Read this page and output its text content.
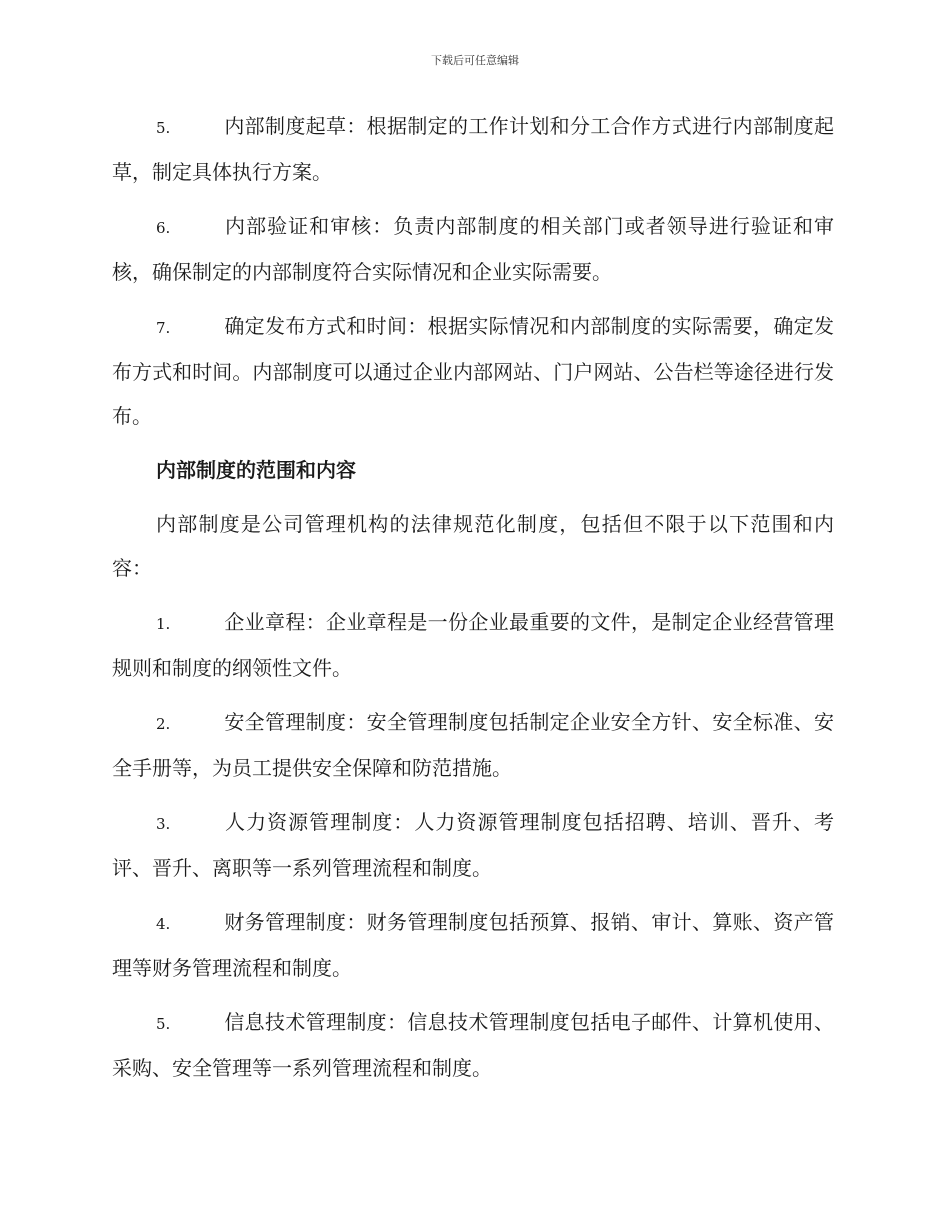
下载后可任意编辑

5.	内部制度起草：根据制定的工作计划和分工合作方式进行内部制度起草，制定具体执行方案。

6.	内部验证和审核：负责内部制度的相关部门或者领导进行验证和审核，确保制定的内部制度符合实际情况和企业实际需要。

7.	确定发布方式和时间：根据实际情况和内部制度的实际需要，确定发布方式和时间。内部制度可以通过企业内部网站、门户网站、公告栏等途径进行发布。

内部制度的范围和内容

内部制度是公司管理机构的法律规范化制度，包括但不限于以下范围和内容：

1.	企业章程：企业章程是一份企业最重要的文件，是制定企业经营管理规则和制度的纲领性文件。

2.	安全管理制度：安全管理制度包括制定企业安全方针、安全标准、安全手册等，为员工提供安全保障和防范措施。

3.	人力资源管理制度：人力资源管理制度包括招聘、培训、晋升、考评、晋升、离职等一系列管理流程和制度。

4.	财务管理制度：财务管理制度包括预算、报销、审计、算账、资产管理等财务管理流程和制度。

5.	信息技术管理制度：信息技术管理制度包括电子邮件、计算机使用、采购、安全管理等一系列管理流程和制度。
